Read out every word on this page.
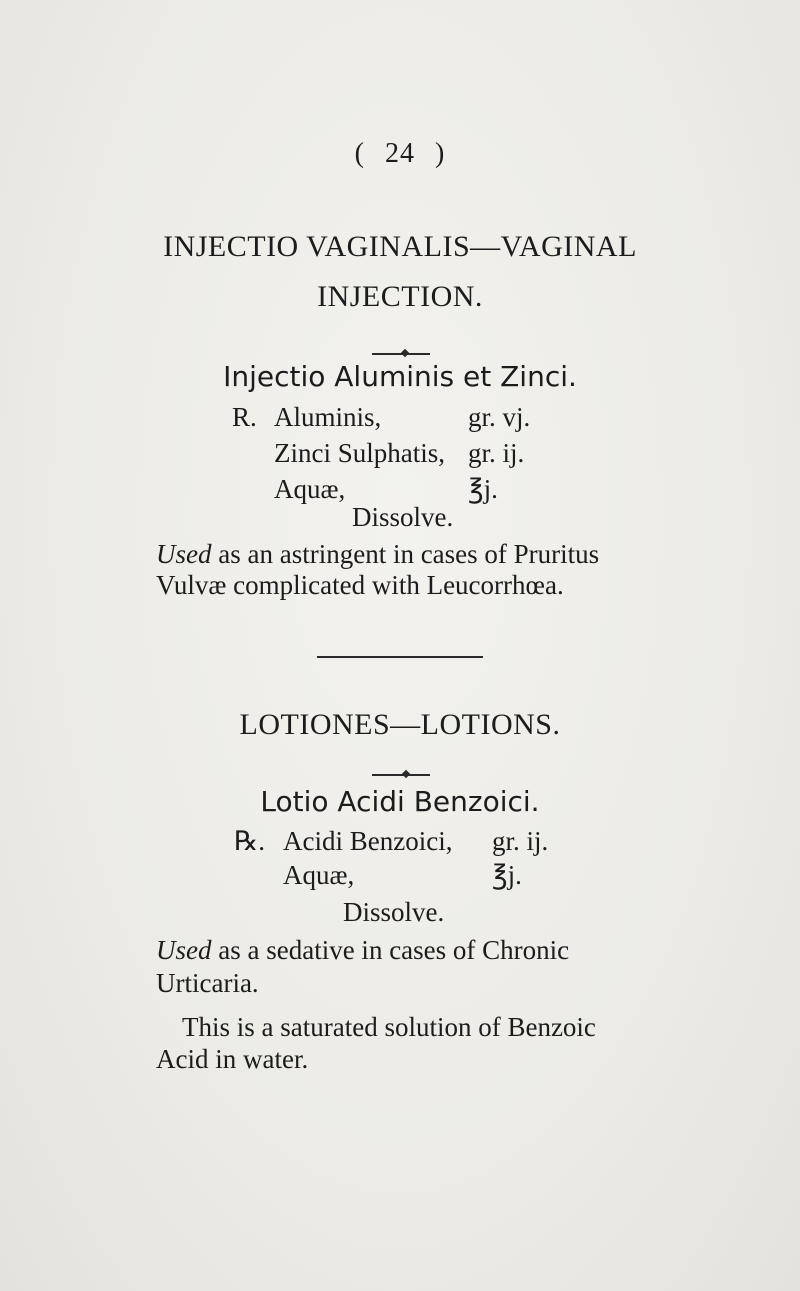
( 24 )
INJECTIO VAGINALIS—VAGINAL
INJECTION.
Injectio Aluminis et Zinci.
R. Aluminis,	gr. vj.
Zinci Sulphatis, gr. ij.
Aquæ,	℥j.
Dissolve.
Used as an astringent in cases of Pruritus
Vulvæ complicated with Leucorrhœa.
LOTIONES—LOTIONS.
Lotio Acidi Benzoici.
℞. Acidi Benzoici, gr. ij.
Aquæ,	℥j.
Dissolve.
Used as a sedative in cases of Chronic
Urticaria.
This is a saturated solution of Benzoic
Acid in water.
